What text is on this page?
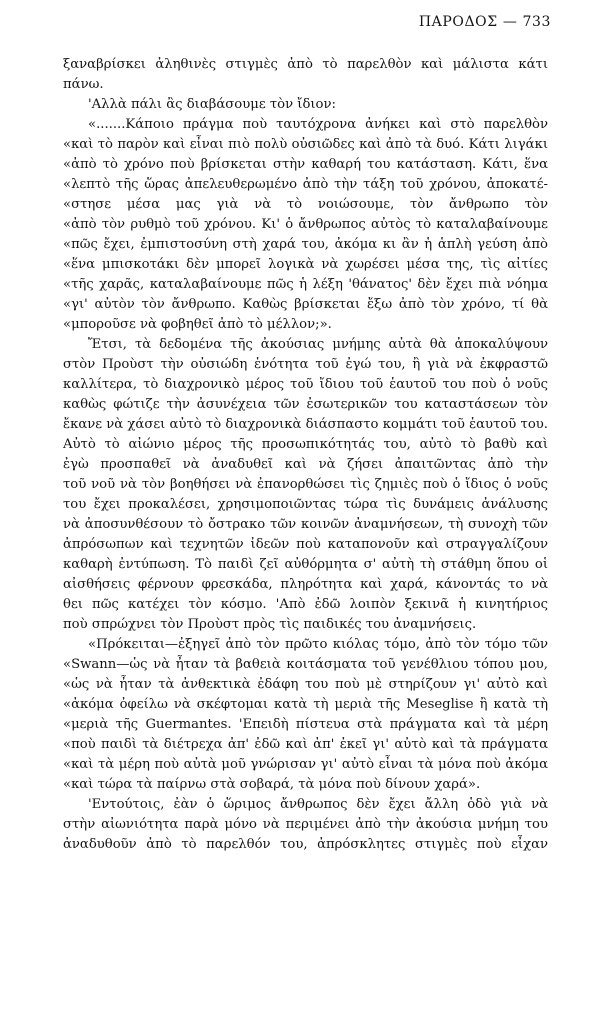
ΠΑΡΟΔΟΣ — 733
ξαναβρίσκει ἀληθινὲς στιγμὲς ἀπὸ τὸ παρελθὸν καὶ μάλιστα κάτι
πάνω.
'Αλλὰ πάλι ἂς διαβάσουμε τὸν ἴδιον:
«.......Κάποιο πράγμα ποὺ ταυτόχρονα ἀνήκει καὶ στὸ παρελθὸν
«καὶ τὸ παρὸν καὶ εἶναι πιὸ πολὺ οὐσιῶδες καὶ ἀπὸ τὰ δυό. Κάτι λιγάκι
«ἀπὸ τὸ χρόνο ποὺ βρίσκεται στὴν καθαρή του κατάσταση. Κάτι, ἕνα
«λεπτὸ τῆς ὥρας ἀπελευθερωμένο ἀπὸ τὴν τάξη τοῦ χρόνου, ἀποκατέ-
«στησε μέσα μας γιὰ νὰ τὸ νοιώσουμε, τὸν ἄνθρωπο τὸν
«ἀπὸ τὸν ρυθμὸ τοῦ χρόνου. Κι' ὁ ἄνθρωπος αὐτὸς τὸ καταλαβαίνουμε
«πῶς ἔχει, ἐμπιστοσύνη στὴ χαρά του, ἀκόμα κι ἂν ἡ ἁπλὴ γεύση ἀπὸ
«ἕνα μπισκοτάκι δὲν μπορεῖ λογικὰ νὰ χωρέσει μέσα της, τὶς αἰτίες
«τῆς χαρᾶς, καταλαβαίνουμε πῶς ἡ λέξη 'θάνατος' δὲν ἔχει πιὰ νόημα
«γι' αὐτὸν τὸν ἄνθρωπο. Καθὼς βρίσκεται ἔξω ἀπὸ τὸν χρόνο, τί θὰ
«μποροῦσε νὰ φοβηθεῖ ἀπὸ τὸ μέλλον;».
Ἔτσι, τὰ δεδομένα τῆς ἀκούσιας μνήμης αὐτὰ θὰ ἀποκαλύψουν
στὸν Προὺστ τὴν οὐσιώδη ἑνότητα τοῦ ἐγώ του, ἢ γιὰ νὰ ἐκφραστῶ
καλλίτερα, τὸ διαχρονικὸ μέρος τοῦ ἴδιου τοῦ ἑαυτοῦ του ποὺ ὁ νοῦς
καθὼς φώτιζε τὴν ἀσυνέχεια τῶν ἐσωτερικῶν του καταστάσεων τὸν
ἔκανε νὰ χάσει αὐτὸ τὸ διαχρονικὰ διάσπαστο κομμάτι τοῦ ἑαυτοῦ του.
Αὐτὸ τὸ αἰώνιο μέρος τῆς προσωπικότητάς του, αὐτὸ τὸ βαθὺ καὶ
ἐγὼ προσπαθεῖ νὰ ἀναδυθεῖ καὶ νὰ ζήσει ἀπαιτῶντας ἀπὸ τὴν
τοῦ νοῦ νὰ τὸν βοηθήσει νὰ ἐπανορθώσει τὶς ζημιὲς ποὺ ὁ ἴδιος ὁ νοῦς
του ἔχει προκαλέσει, χρησιμοποιῶντας τώρα τὶς δυνάμεις ἀνάλυσης
νὰ ἀποσυνθέσουν τὸ ὄστρακο τῶν κοινῶν ἀναμνήσεων, τὴ συνοχὴ τῶν
ἀπρόσωπων καὶ τεχνητῶν ἰδεῶν ποὺ καταπονοῦν καὶ στραγγαλίζουν
καθαρὴ ἐντύπωση. Τὸ παιδὶ ζεῖ αὐθόρμητα σ' αὐτὴ τὴ στάθμη ὅπου οἱ
αἰσθήσεις φέρνουν φρεσκάδα, πληρότητα καὶ χαρά, κάνοντάς το νὰ
θει πῶς κατέχει τὸν κόσμο. 'Απὸ ἐδῶ λοιπὸν ξεκινᾶ ἡ κινητήριος
ποὺ σπρώχνει τὸν Προὺστ πρὸς τὶς παιδικές του ἀναμνήσεις.
«Πρόκειται—ἐξηγεῖ ἀπὸ τὸν πρῶτο κιόλας τόμο, ἀπὸ τὸν τόμο τῶν
«Swann—ὡς νὰ ἦταν τὰ βαθειὰ κοιτάσματα τοῦ γενέθλιου τόπου μου,
«ὡς νὰ ἦταν τὰ ἀνθεκτικὰ ἐδάφη του ποὺ μὲ στηρίζουν γι' αὐτὸ καὶ
«ἀκόμα ὀφείλω νὰ σκέφτομαι κατὰ τὴ μεριὰ τῆς Meseglise ἢ κατὰ τὴ
«μεριὰ τῆς Guermantes. 'Επειδὴ πίστευα στὰ πράγματα καὶ τὰ μέρη
«ποὺ παιδὶ τὰ διέτρεχα ἀπ' ἐδῶ καὶ ἀπ' ἐκεῖ γι' αὐτὸ καὶ τὰ πράγματα
«καὶ τὰ μέρη ποὺ αὐτὰ μοῦ γνώρισαν γι' αὐτὸ εἶναι τὰ μόνα ποὺ ἀκόμα
«καὶ τώρα τὰ παίρνω στὰ σοβαρά, τὰ μόνα ποὺ δίνουν χαρά».
'Εντούτοις, ἐὰν ὁ ὥριμος ἄνθρωπος δὲν ἔχει ἄλλη ὁδὸ γιὰ νὰ
στὴν αἰωνιότητα παρὰ μόνο νὰ περιμένει ἀπὸ τὴν ἀκούσια μνήμη του
ἀναδυθοῦν ἀπὸ τὸ παρελθόν του, ἀπρόσκλητες στιγμὲς ποὺ εἶχαν
